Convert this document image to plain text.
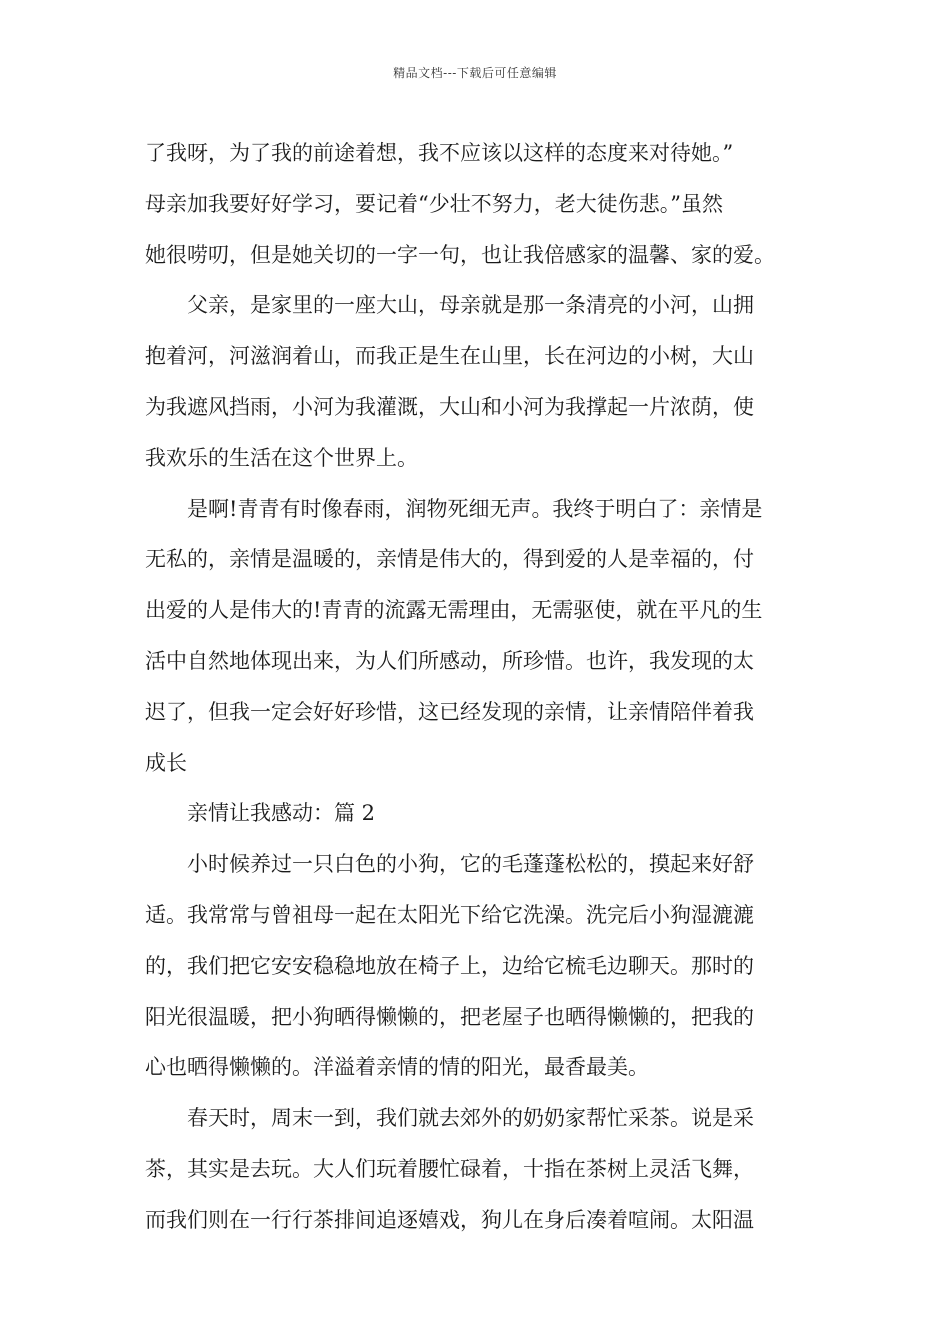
精品文档---下载后可任意编辑
了我呀，为了我的前途着想，我不应该以这样的态度来对待她。”
母亲加我要好好学习，要记着“少壮不努力，老大徒伤悲。”虽然
她很唠叨，但是她关切的一字一句，也让我倍感家的温馨、家的爱。
父亲，是家里的一座大山，母亲就是那一条清亮的小河，山拥
抱着河，河滋润着山，而我正是生在山里，长在河边的小树，大山
为我遮风挡雨，小河为我灌溉，大山和小河为我撑起一片浓荫，使
我欢乐的生活在这个世界上。
是啊!青青有时像春雨，润物死细无声。我终于明白了：亲情是
无私的，亲情是温暖的，亲情是伟大的，得到爱的人是幸福的，付
出爱的人是伟大的!青青的流露无需理由，无需驱使，就在平凡的生
活中自然地体现出来，为人们所感动，所珍惜。也许，我发现的太
迟了，但我一定会好好珍惜，这已经发现的亲情，让亲情陪伴着我
成长
亲情让我感动：篇 2
小时候养过一只白色的小狗，它的毛蓬蓬松松的，摸起来好舒
适。我常常与曾祖母一起在太阳光下给它洗澡。洗完后小狗湿漉漉
的，我们把它安安稳稳地放在椅子上，边给它梳毛边聊天。那时的
阳光很温暖，把小狗晒得懒懒的，把老屋子也晒得懒懒的，把我的
心也晒得懒懒的。洋溢着亲情的情的阳光，最香最美。
春天时，周末一到，我们就去郊外的奶奶家帮忙采茶。说是采
茶，其实是去玩。大人们玩着腰忙碌着，十指在茶树上灵活飞舞，
而我们则在一行行茶排间追逐嬉戏，狗儿在身后凑着喧闹。太阳温
